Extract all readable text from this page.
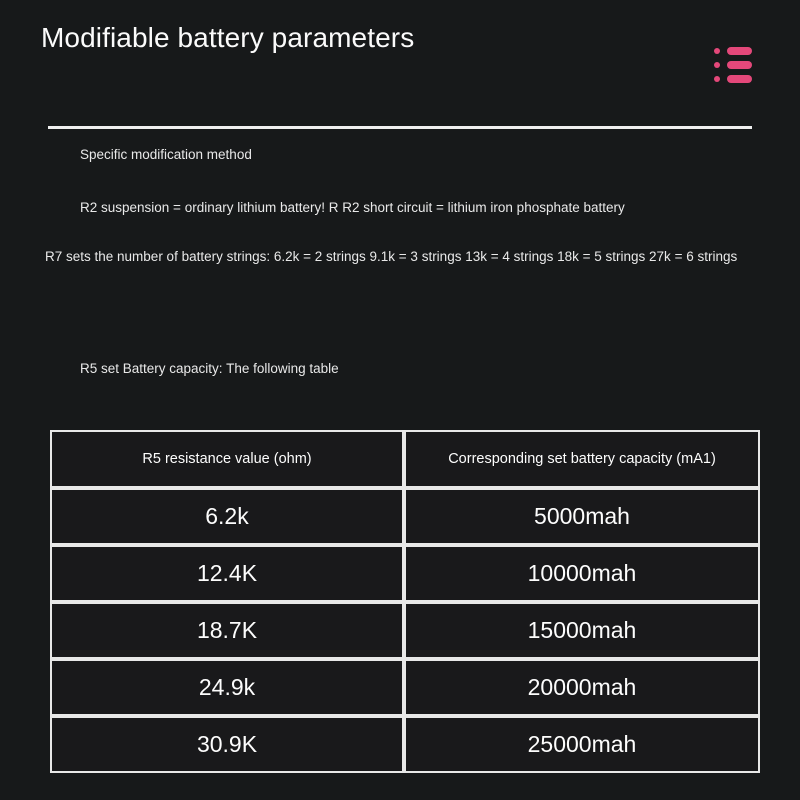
Modifiable battery parameters
Specific modification method
R2 suspension = ordinary lithium battery! R R2 short circuit = lithium iron phosphate battery
R7 sets the number of battery strings: 6.2k = 2 strings 9.1k = 3 strings 13k = 4 strings 18k = 5 strings 27k = 6 strings
R5 set Battery capacity: The following table
R5 resistance value (ohm)	Corresponding set battery capacity (mA1)
6.2k	5000mah
12.4K	10000mah
18.7K	15000mah
24.9k	20000mah
30.9K	25000mah
